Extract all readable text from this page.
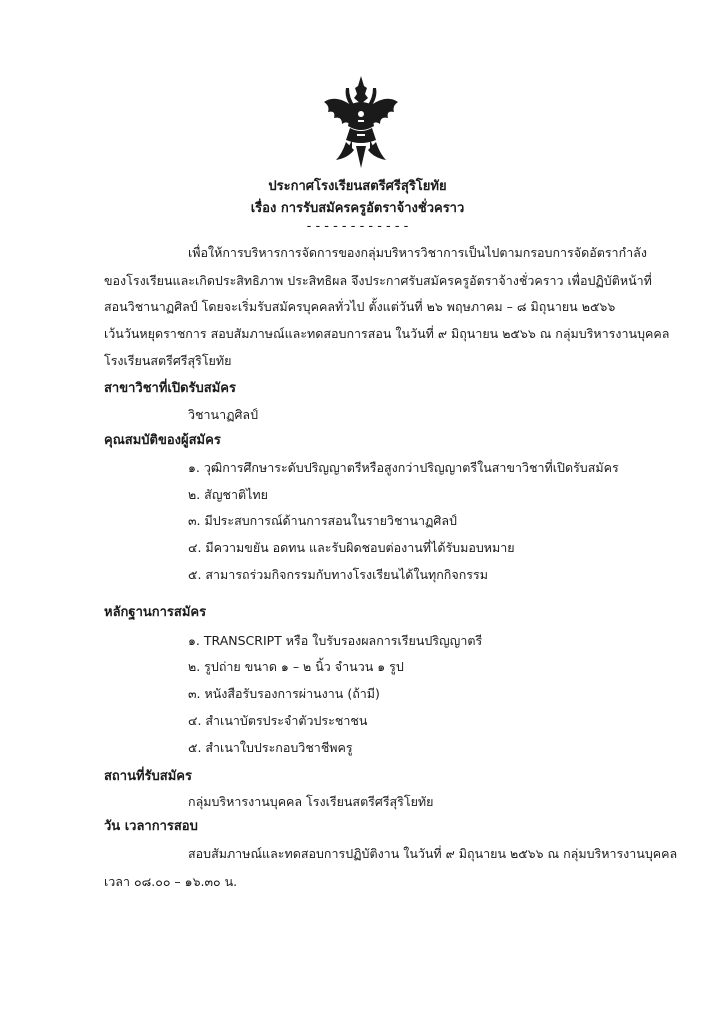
ประกาศโรงเรียนสตรีศรีสุริโยทัย
เรื่อง การรับสมัครครูอัตราจ้างชั่วคราว
- - - - - - - - - - - -
เพื่อให้การบริหารการจัดการของกลุ่มบริหารวิชาการเป็นไปตามกรอบการจัดอัตรากำลัง
ของโรงเรียนและเกิดประสิทธิภาพ ประสิทธิผล จึงประกาศรับสมัครครูอัตราจ้างชั่วคราว เพื่อปฏิบัติหน้าที่
สอนวิชานาฏศิลป์ โดยจะเริ่มรับสมัครบุคคลทั่วไป ตั้งแต่วันที่ ๒๖ พฤษภาคม – ๘ มิถุนายน ๒๕๖๖
เว้นวันหยุดราชการ สอบสัมภาษณ์และทดสอบการสอน ในวันที่ ๙ มิถุนายน ๒๕๖๖ ณ กลุ่มบริหารงานบุคคล
โรงเรียนสตรีศรีสุริโยทัย
สาขาวิชาที่เปิดรับสมัคร
วิชานาฏศิลป์
คุณสมบัติของผู้สมัคร
๑. วุฒิการศึกษาระดับปริญญาตรีหรือสูงกว่าปริญญาตรีในสาขาวิชาที่เปิดรับสมัคร
๒. สัญชาติไทย
๓. มีประสบการณ์ด้านการสอนในรายวิชานาฏศิลป์
๔. มีความขยัน อดทน และรับผิดชอบต่องานที่ได้รับมอบหมาย
๕. สามารถร่วมกิจกรรมกับทางโรงเรียนได้ในทุกกิจกรรม
หลักฐานการสมัคร
๑. TRANSCRIPT หรือ ใบรับรองผลการเรียนปริญญาตรี
๒. รูปถ่าย ขนาด ๑ – ๒ นิ้ว จำนวน ๑ รูป
๓. หนังสือรับรองการผ่านงาน (ถ้ามี)
๔. สำเนาบัตรประจำตัวประชาชน
๕. สำเนาใบประกอบวิชาชีพครู
สถานที่รับสมัคร
กลุ่มบริหารงานบุคคล โรงเรียนสตรีศรีสุริโยทัย
วัน เวลาการสอบ
สอบสัมภาษณ์และทดสอบการปฏิบัติงาน ในวันที่ ๙ มิถุนายน ๒๕๖๖ ณ กลุ่มบริหารงานบุคคล
เวลา ๐๘.๐๐ – ๑๖.๓๐ น.
